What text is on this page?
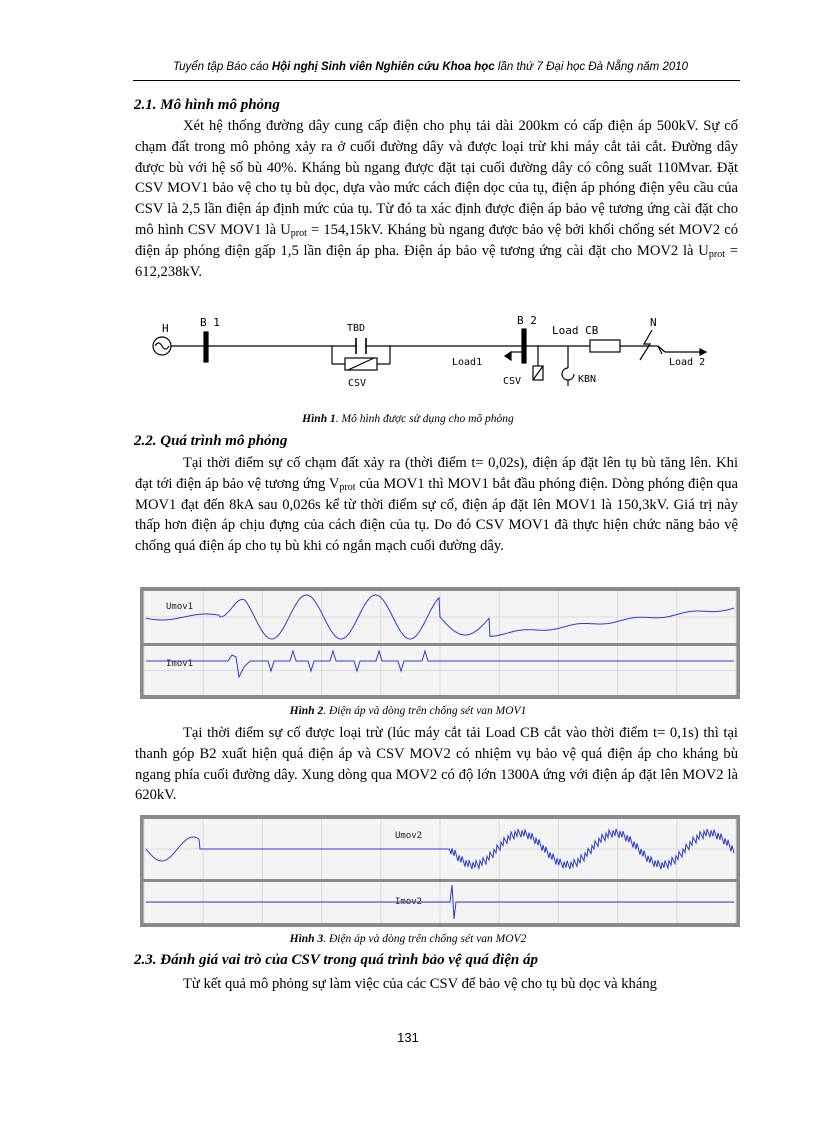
Tuyển tập Báo cáo Hội nghị Sinh viên Nghiên cứu Khoa học lần thứ 7 Đại học Đà Nẵng năm 2010
2.1. Mô hình mô phỏng

Xét hệ thống đường dây cung cấp điện cho phụ tải dài 200km có cấp điện áp 500kV. Sự cố chạm đất trong mô phỏng xảy ra ở cuối đường dây và được loại trừ khi máy cắt tải cắt. Đường dây được bù với hệ số bù 40%. Kháng bù ngang được đặt tại cuối đường dây có công suất 110Mvar. Đặt CSV MOV1 bảo vệ cho tụ bù dọc, dựa vào mức cách điện dọc của tụ, điện áp phóng điện yêu cầu của CSV là 2,5 lần điện áp định mức của tụ. Từ đó ta xác định được điện áp bảo vệ tương ứng cài đặt cho mô hình CSV MOV1 là $U_{prot} = 154,15kV$. Kháng bù ngang được bảo vệ bởi khối chống sét MOV2 có điện áp phóng điện gấp 1,5 lần điện áp pha. Điện áp bảo vệ tương ứng cài đặt cho MOV2 là $U_{prot} = 612,238kV$.

H	B 1	TBD
CSV
B 2
Load1
CSV	KBN
Load CB
N
Load 2
Hình 1. Mô hình được sử dụng cho mô phỏng
2.2. Quá trình mô phỏng

Tại thời điểm sự cố chạm đất xảy ra (thời điểm t= 0,02s), điện áp đặt lên tụ bù tăng lên. Khi đạt tới điện áp bảo vệ tương ứng $V_{prot}$ của MOV1 thì MOV1 bắt đầu phóng điện. Dòng phóng điện qua MOV1 đạt đến 8kA sau 0,026s kể từ thời điểm sự cố, điện áp đặt lên MOV1 là 150,3kV. Giá trị này thấp hơn điện áp chịu đựng của cách điện của tụ. Do đó CSV MOV1 đã thực hiện chức năng bảo vệ chống quá điện áp cho tụ bù khi có ngắn mạch cuối đường dây.

Umov1
Imov1
Hình 2. Điện áp và dòng trên chống sét van MOV1

Tại thời điểm sự cố được loại trừ (lúc máy cắt tải Load CB cắt vào thời điểm t= 0,1s) thì tại thanh góp B2 xuất hiện quá điện áp và CSV MOV2 có nhiệm vụ bảo vệ quá điện áp cho kháng bù ngang phía cuối đường dây. Xung dòng qua MOV2 có độ lớn 1300A ứng với điện áp đặt lên MOV2 là 620kV.

Umov2
Imov2
Hình 3. Điện áp và dòng trên chống sét van MOV2
2.3. Đánh giá vai trò của CSV trong quá trình bảo vệ quá điện áp

Từ kết quả mô phỏng sự làm việc của các CSV để bảo vệ cho tụ bù dọc và kháng

131
